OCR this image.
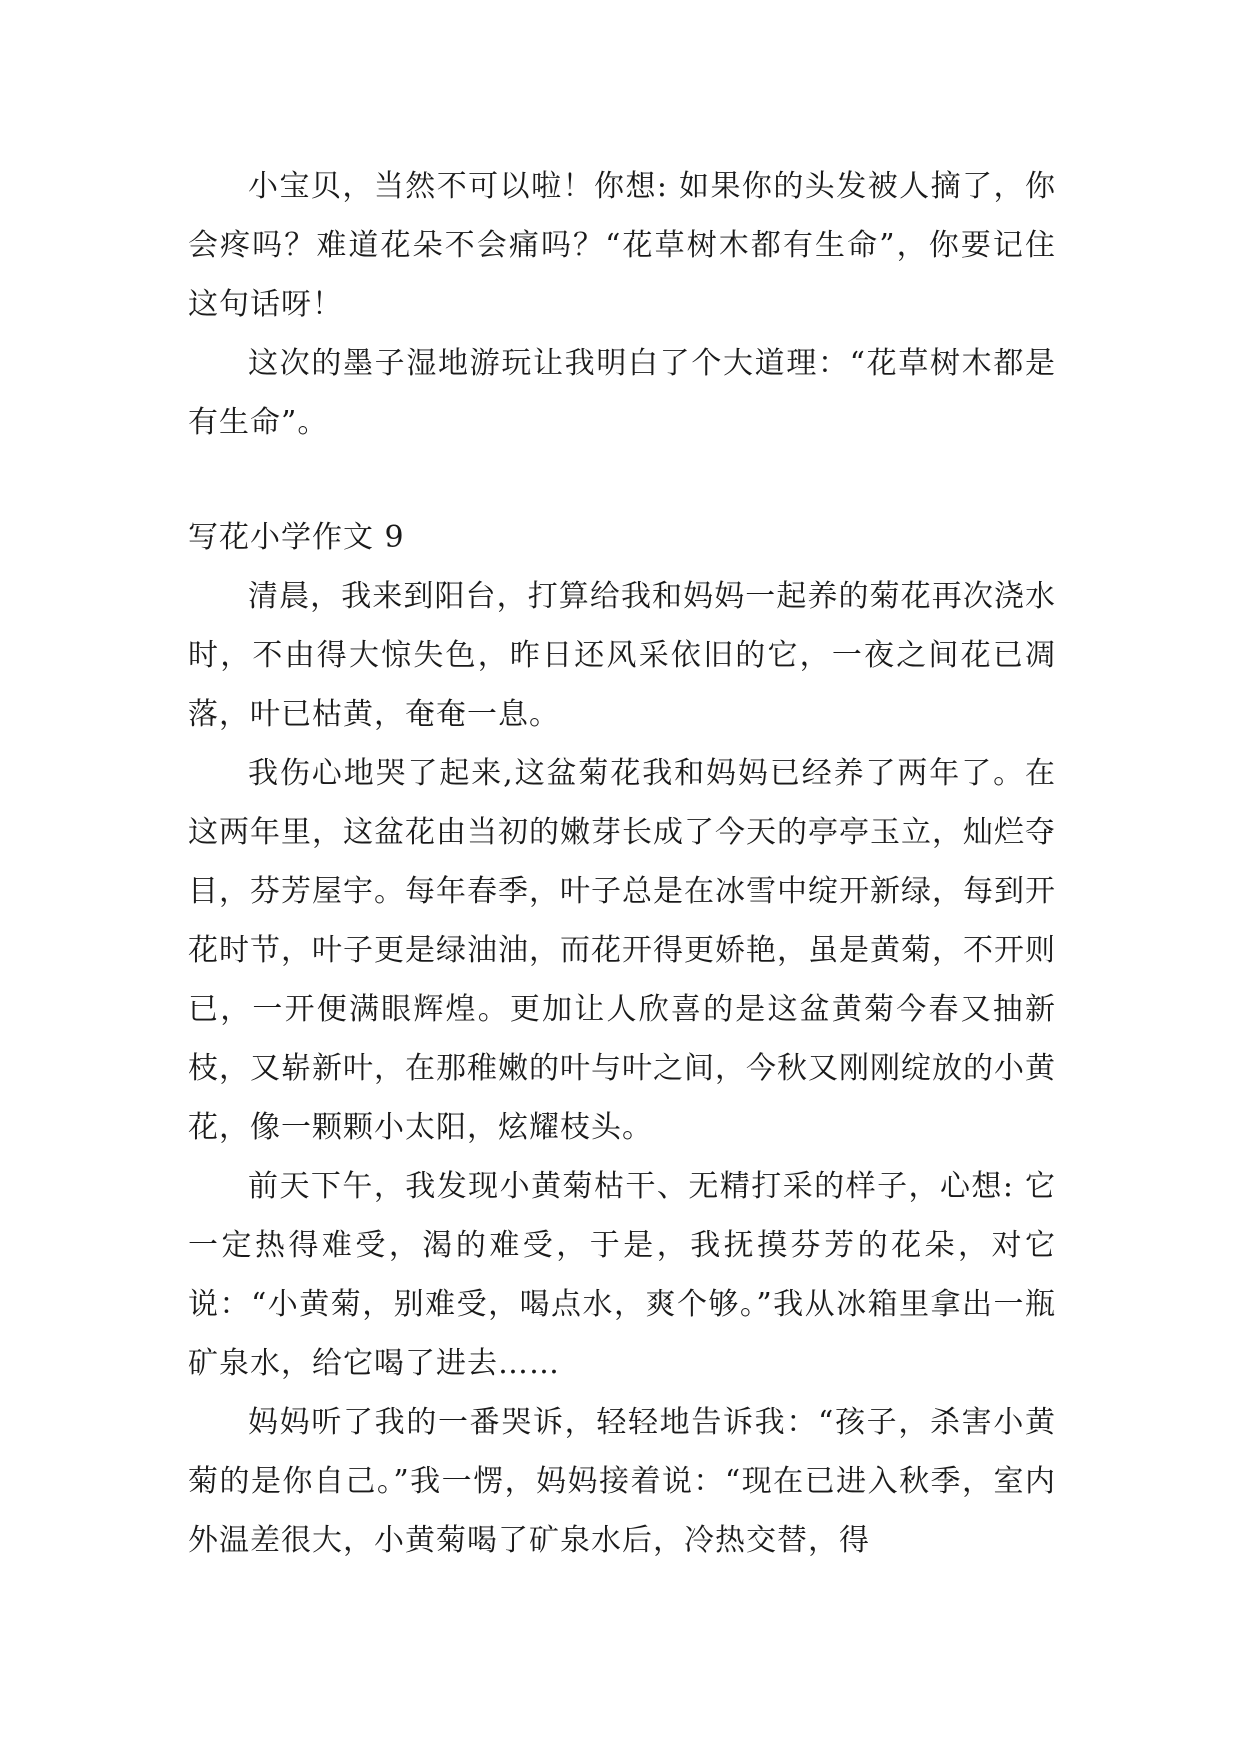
小宝贝，当然不可以啦！你想: 如果你的头发被人摘了，你会疼吗？难道花朵不会痛吗？“花草树木都有生命”，你要记住这句话呀！

这次的墨子湿地游玩让我明白了个大道理：“花草树木都是有生命”。

写花小学作文 9

清晨，我来到阳台，打算给我和妈妈一起养的菊花再次浇水时，不由得大惊失色，昨日还风采依旧的它，一夜之间花已凋落，叶已枯黄，奄奄一息。

我伤心地哭了起来,这盆菊花我和妈妈已经养了两年了。在这两年里，这盆花由当初的嫩芽长成了今天的亭亭玉立，灿烂夺目，芬芳屋宇。每年春季，叶子总是在冰雪中绽开新绿，每到开花时节，叶子更是绿油油，而花开得更娇艳，虽是黄菊，不开则已，一开便满眼辉煌。更加让人欣喜的是这盆黄菊今春又抽新枝，又崭新叶，在那稚嫩的叶与叶之间，今秋又刚刚绽放的小黄花，像一颗颗小太阳，炫耀枝头。

前天下午，我发现小黄菊枯干、无精打采的样子，心想: 它一定热得难受，渴的难受，于是，我抚摸芬芳的花朵，对它说：“小黄菊，别难受，喝点水，爽个够。”我从冰箱里拿出一瓶矿泉水，给它喝了进去……

妈妈听了我的一番哭诉，轻轻地告诉我：“孩子，杀害小黄菊的是你自己。”我一愣，妈妈接着说：“现在已进入秋季，室内外温差很大，小黄菊喝了矿泉水后，冷热交替，得
